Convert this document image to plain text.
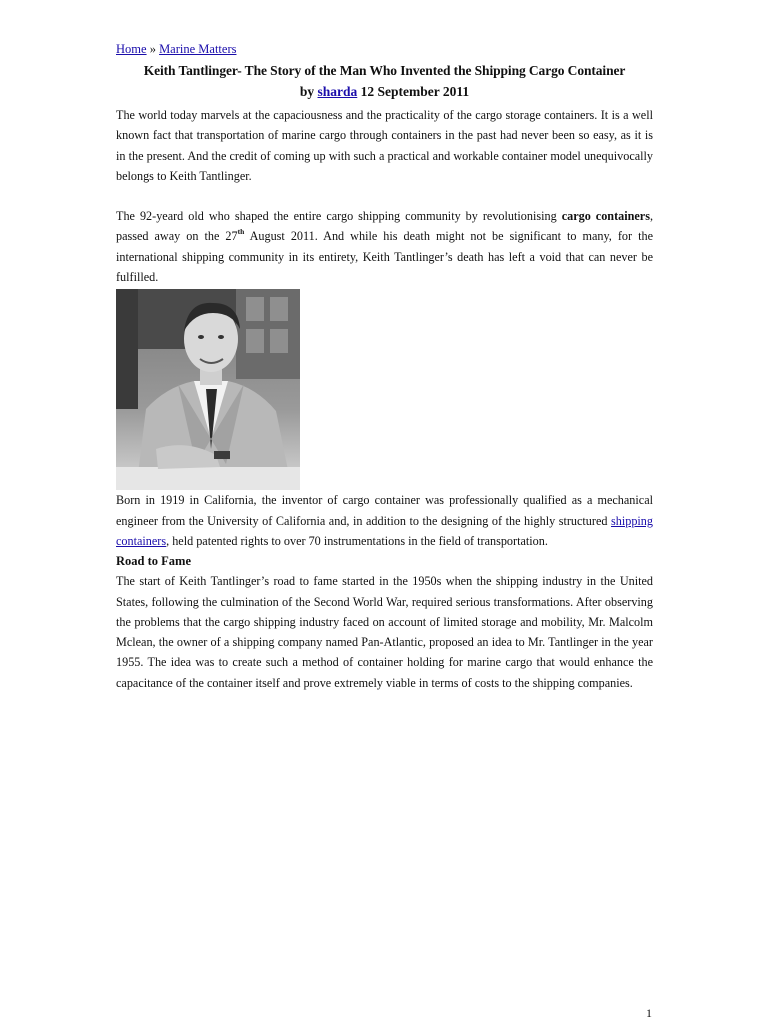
Home » Marine Matters
Keith Tantlinger- The Story of the Man Who Invented the Shipping Cargo Container
by sharda 12 September 2011

The world today marvels at the capaciousness and the practicality of the cargo storage containers. It is a well known fact that transportation of marine cargo through containers in the past had never been so easy, as it is in the present. And the credit of coming up with such a practical and workable container model unequivocally belongs to Keith Tantlinger.

The 92-yeard old who shaped the entire cargo shipping community by revolutionising cargo containers, passed away on the 27th August 2011. And while his death might not be significant to many, for the international shipping community in its entirety, Keith Tantlinger’s death has left a void that can never be fulfilled.

Born in 1919 in California, the inventor of cargo container was professionally qualified as a mechanical engineer from the University of California and, in addition to the designing of the highly structured shipping containers, held patented rights to over 70 instrumentations in the field of transportation.

Road to Fame

The start of Keith Tantlinger’s road to fame started in the 1950s when the shipping industry in the United States, following the culmination of the Second World War, required serious transformations. After observing the problems that the cargo shipping industry faced on account of limited storage and mobility, Mr. Malcolm Mclean, the owner of a shipping company named Pan-Atlantic, proposed an idea to Mr. Tantlinger in the year 1955. The idea was to create such a method of container holding for marine cargo that would enhance the capacitance of the container itself and prove extremely viable in terms of costs to the shipping companies.

1
